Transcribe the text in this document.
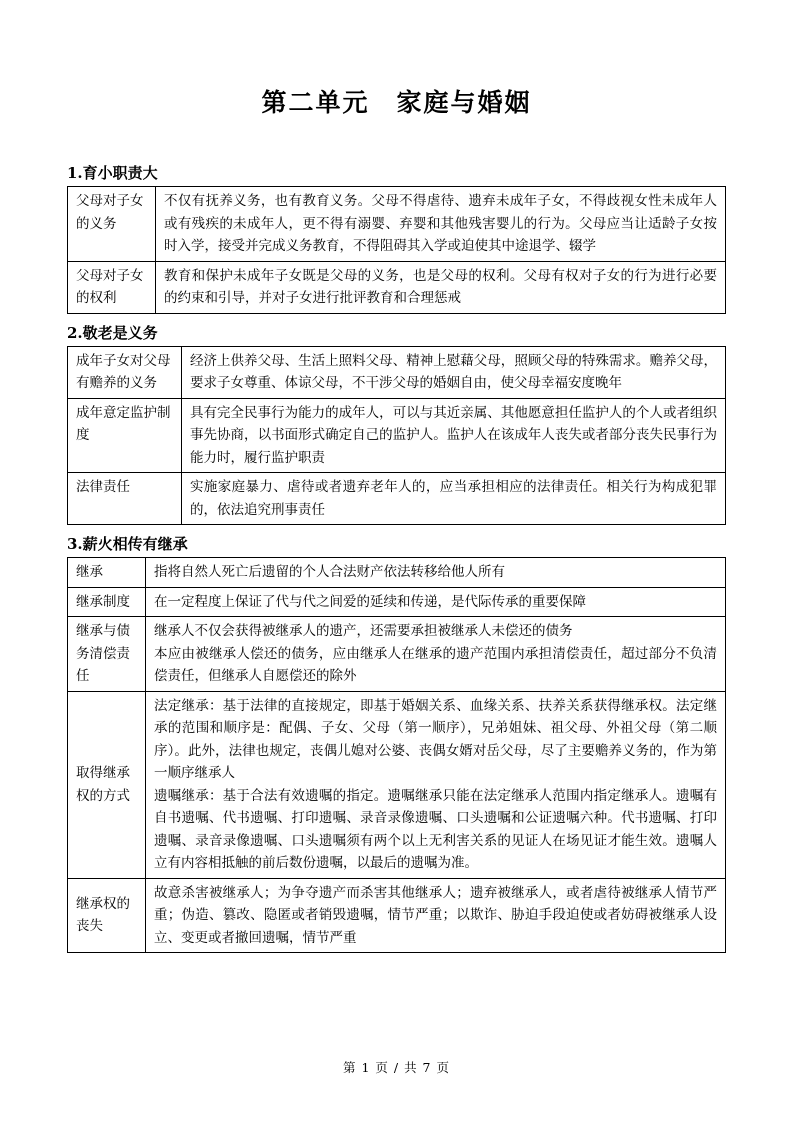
第二单元　家庭与婚姻
1.育小职责大
父母对子女的义务	不仅有抚养义务，也有教育义务。父母不得虐待、遗弃未成年子女，不得歧视女性未成年人或有残疾的未成年人，更不得有溺婴、弃婴和其他残害婴儿的行为。父母应当让适龄子女按时入学，接受并完成义务教育，不得阻碍其入学或迫使其中途退学、辍学

父母对子女的权利	教育和保护未成年子女既是父母的义务，也是父母的权利。父母有权对子女的行为进行必要的约束和引导，并对子女进行批评教育和合理惩戒

2.敬老是义务
成年子女对父母有赡养的义务	经济上供养父母、生活上照料父母、精神上慰藉父母，照顾父母的特殊需求。赡养父母，要求子女尊重、体谅父母，不干涉父母的婚姻自由，使父母幸福安度晚年

成年意定监护制度	具有完全民事行为能力的成年人，可以与其近亲属、其他愿意担任监护人的个人或者组织事先协商，以书面形式确定自己的监护人。监护人在该成年人丧失或者部分丧失民事行为能力时，履行监护职责

法律责任	实施家庭暴力、虐待或者遗弃老年人的，应当承担相应的法律责任。相关行为构成犯罪的，依法追究刑事责任

3.薪火相传有继承
继承	指将自然人死亡后遗留的个人合法财产依法转移给他人所有

继承制度	在一定程度上保证了代与代之间爱的延续和传递，是代际传承的重要保障

继承与债务清偿责任	继承人不仅会获得被继承人的遗产，还需要承担被继承人未偿还的债务

本应由被继承人偿还的债务，应由继承人在继承的遗产范围内承担清偿责任，超过部分不负清偿责任，但继承人自愿偿还的除外

取得继承权的方式	法定继承：基于法律的直接规定，即基于婚姻关系、血缘关系、扶养关系获得继承权。法定继承的范围和顺序是：配偶、子女、父母（第一顺序），兄弟姐妹、祖父母、外祖父母（第二顺序）。此外，法律也规定，丧偶儿媳对公婆、丧偶女婿对岳父母，尽了主要赡养义务的，作为第一顺序继承人

遗嘱继承：基于合法有效遗嘱的指定。遗嘱继承只能在法定继承人范围内指定继承人。遗嘱有自书遗嘱、代书遗嘱、打印遗嘱、录音录像遗嘱、口头遗嘱和公证遗嘱六种。代书遗嘱、打印遗嘱、录音录像遗嘱、口头遗嘱须有两个以上无利害关系的见证人在场见证才能生效。遗嘱人立有内容相抵触的前后数份遗嘱，以最后的遗嘱为准。

继承权的丧失	故意杀害被继承人；为争夺遗产而杀害其他继承人；遗弃被继承人，或者虐待被继承人情节严重；伪造、篡改、隐匿或者销毁遗嘱，情节严重；以欺诈、胁迫手段迫使或者妨碍被继承人设立、变更或者撤回遗嘱，情节严重

第 1 页 / 共 7 页
